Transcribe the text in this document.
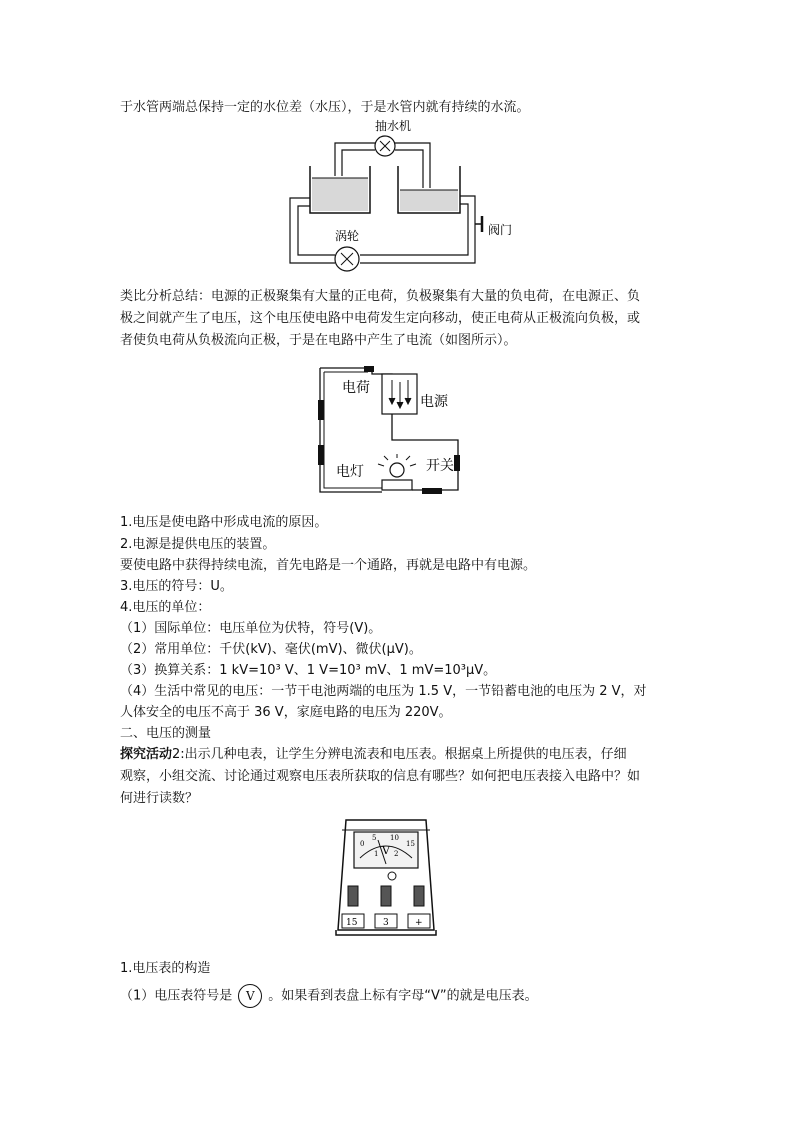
于水管两端总保持一定的水位差（水压），于是水管内就有持续的水流。
抽水机
涡轮	阀门
类比分析总结：电源的正极聚集有大量的正电荷，负极聚集有大量的负电荷，在电源正、负
极之间就产生了电压，这个电压使电路中电荷发生定向移动，使正电荷从正极流向负极，或
者使负电荷从负极流向正极，于是在电路中产生了电流（如图所示）。
电荷
电源
电灯	开关
1.电压是使电路中形成电流的原因。
2.电源是提供电压的装置。
要使电路中获得持续电流，首先电路是一个通路，再就是电路中有电源。
3.电压的符号：U。
4.电压的单位：
（1）国际单位：电压单位为伏特，符号(V)。
（2）常用单位：千伏(kV)、毫伏(mV)、微伏(μV)。
（3）换算关系：1 kV=10³ V、1 V=10³ mV、1 mV=10³μV。
（4）生活中常见的电压：一节干电池两端的电压为 1.5 V，一节铅蓄电池的电压为 2 V，对
人体安全的电压不高于 36 V，家庭电路的电压为 220V。
二、电压的测量
探究活动2:出示几种电表，让学生分辨电流表和电压表。根据桌上所提供的电压表，仔细
观察，小组交流、讨论通过观察电压表所获取的信息有哪些？如何把电压表接入电路中？如
何进行读数？
0
5 10
15
1 2
V
15	3	+
1.电压表的构造
（1）电压表符号是 V 。如果看到表盘上标有字母“V”的就是电压表。
